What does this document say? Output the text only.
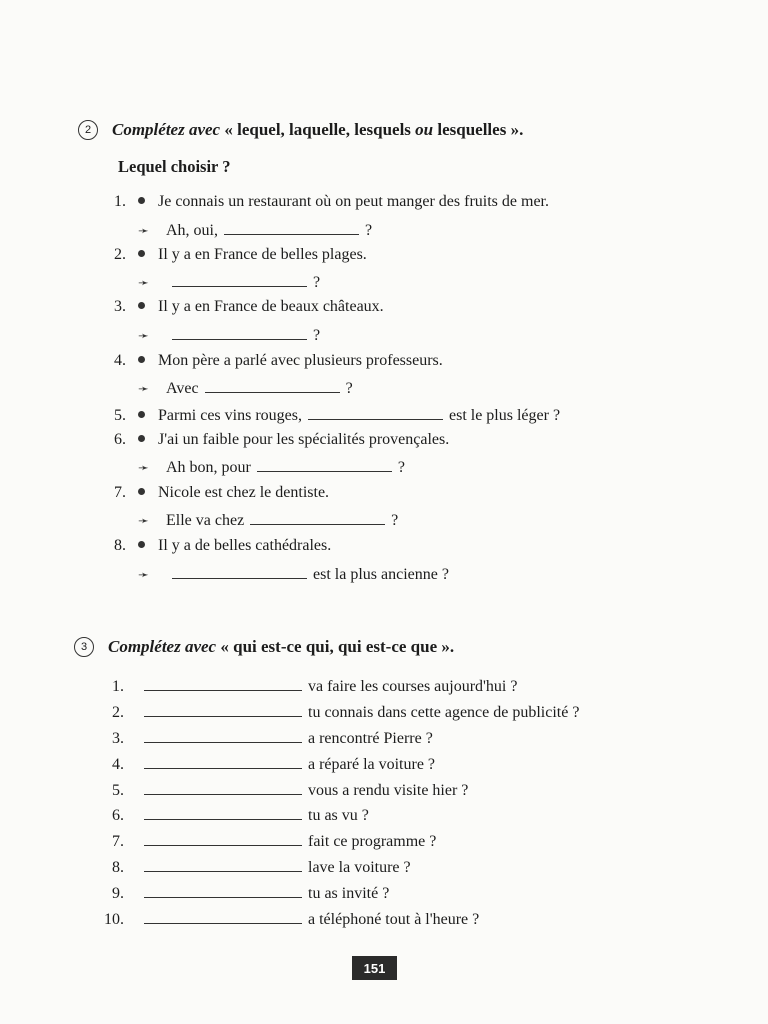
2	Complétez avec « lequel, laquelle, lesquels ou lesquelles ».
Lequel choisir ?
1. Je connais un restaurant où on peut manger des fruits de mer.
➛	Ah, oui,	?
2. Il y a en France de belles plages.
➛	?
3. Il y a en France de beaux châteaux.
➛	?
4. Mon père a parlé avec plusieurs professeurs.
➛	Avec	?
5. Parmi ces vins rouges,	est le plus léger ?
6. J'ai un faible pour les spécialités provençales.
➛	Ah bon, pour	?
7. Nicole est chez le dentiste.
➛	Elle va chez	?
8. Il y a de belles cathédrales.
➛	est la plus ancienne ?
3	Complétez avec « qui est-ce qui, qui est-ce que ».
1.	va faire les courses aujourd'hui ?
2.	tu connais dans cette agence de publicité ?
3.	a rencontré Pierre ?
4.	a réparé la voiture ?
5.	vous a rendu visite hier ?
6.	tu as vu ?
7.	fait ce programme ?
8.	lave la voiture ?
9.	tu as invité ?
10.	a téléphoné tout à l'heure ?
151
